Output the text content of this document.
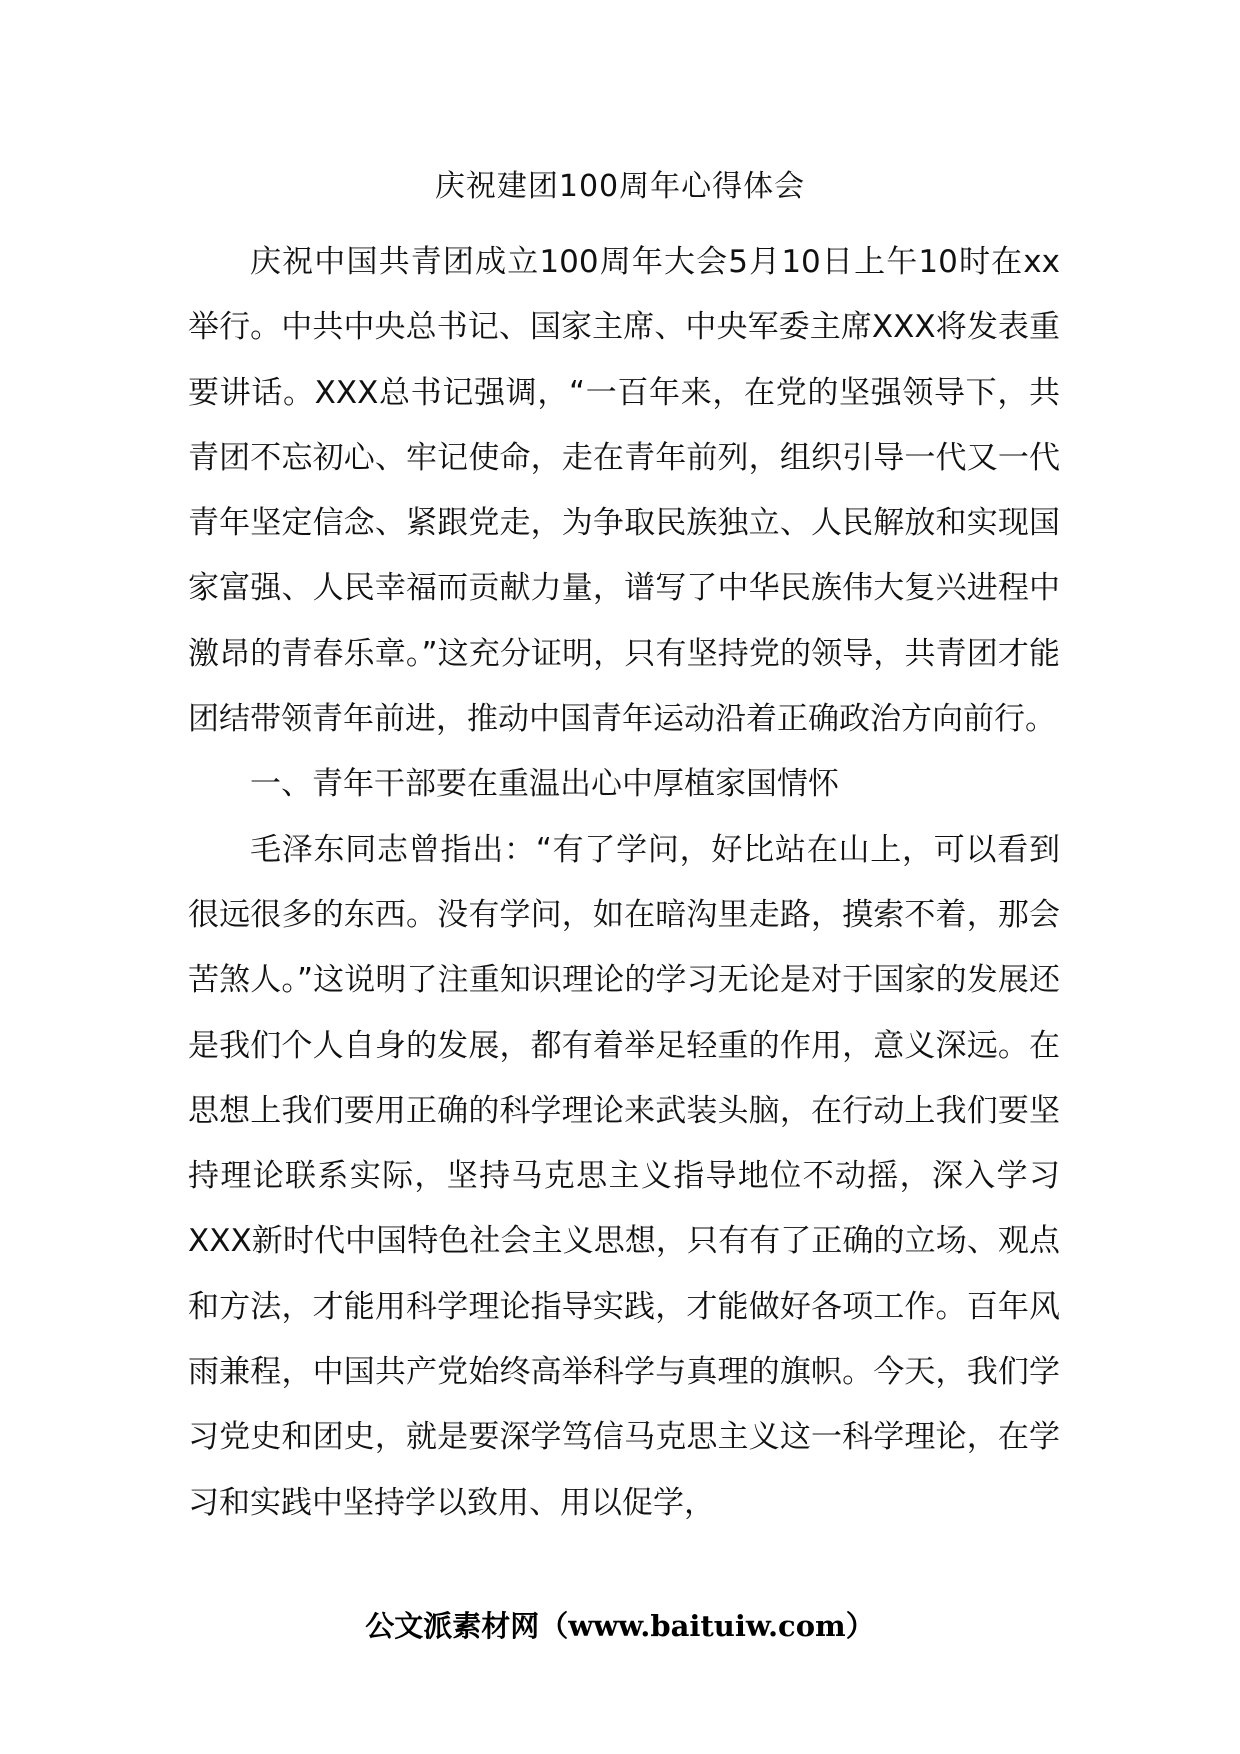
庆祝建团100周年心得体会

庆祝中国共青团成立100周年大会5月10日上午10时在xx举行。中共中央总书记、国家主席、中央军委主席XXX将发表重要讲话。XXX总书记强调，“一百年来，在党的坚强领导下，共青团不忘初心、牢记使命，走在青年前列，组织引导一代又一代青年坚定信念、紧跟党走，为争取民族独立、人民解放和实现国家富强、人民幸福而贡献力量，谱写了中华民族伟大复兴进程中激昂的青春乐章。”这充分证明，只有坚持党的领导，共青团才能团结带领青年前进，推动中国青年运动沿着正确政治方向前行。

一、青年干部要在重温出心中厚植家国情怀

毛泽东同志曾指出：“有了学问，好比站在山上，可以看到很远很多的东西。没有学问，如在暗沟里走路，摸索不着，那会苦煞人。”这说明了注重知识理论的学习无论是对于国家的发展还是我们个人自身的发展，都有着举足轻重的作用，意义深远。在思想上我们要用正确的科学理论来武装头脑，在行动上我们要坚持理论联系实际，坚持马克思主义指导地位不动摇，深入学习XXX新时代中国特色社会主义思想，只有有了正确的立场、观点和方法，才能用科学理论指导实践，才能做好各项工作。百年风雨兼程，中国共产党始终高举科学与真理的旗帜。今天，我们学习党史和团史，就是要深学笃信马克思主义这一科学理论，在学习和实践中坚持学以致用、用以促学，

公文派素材网（www.baituiw.com）
